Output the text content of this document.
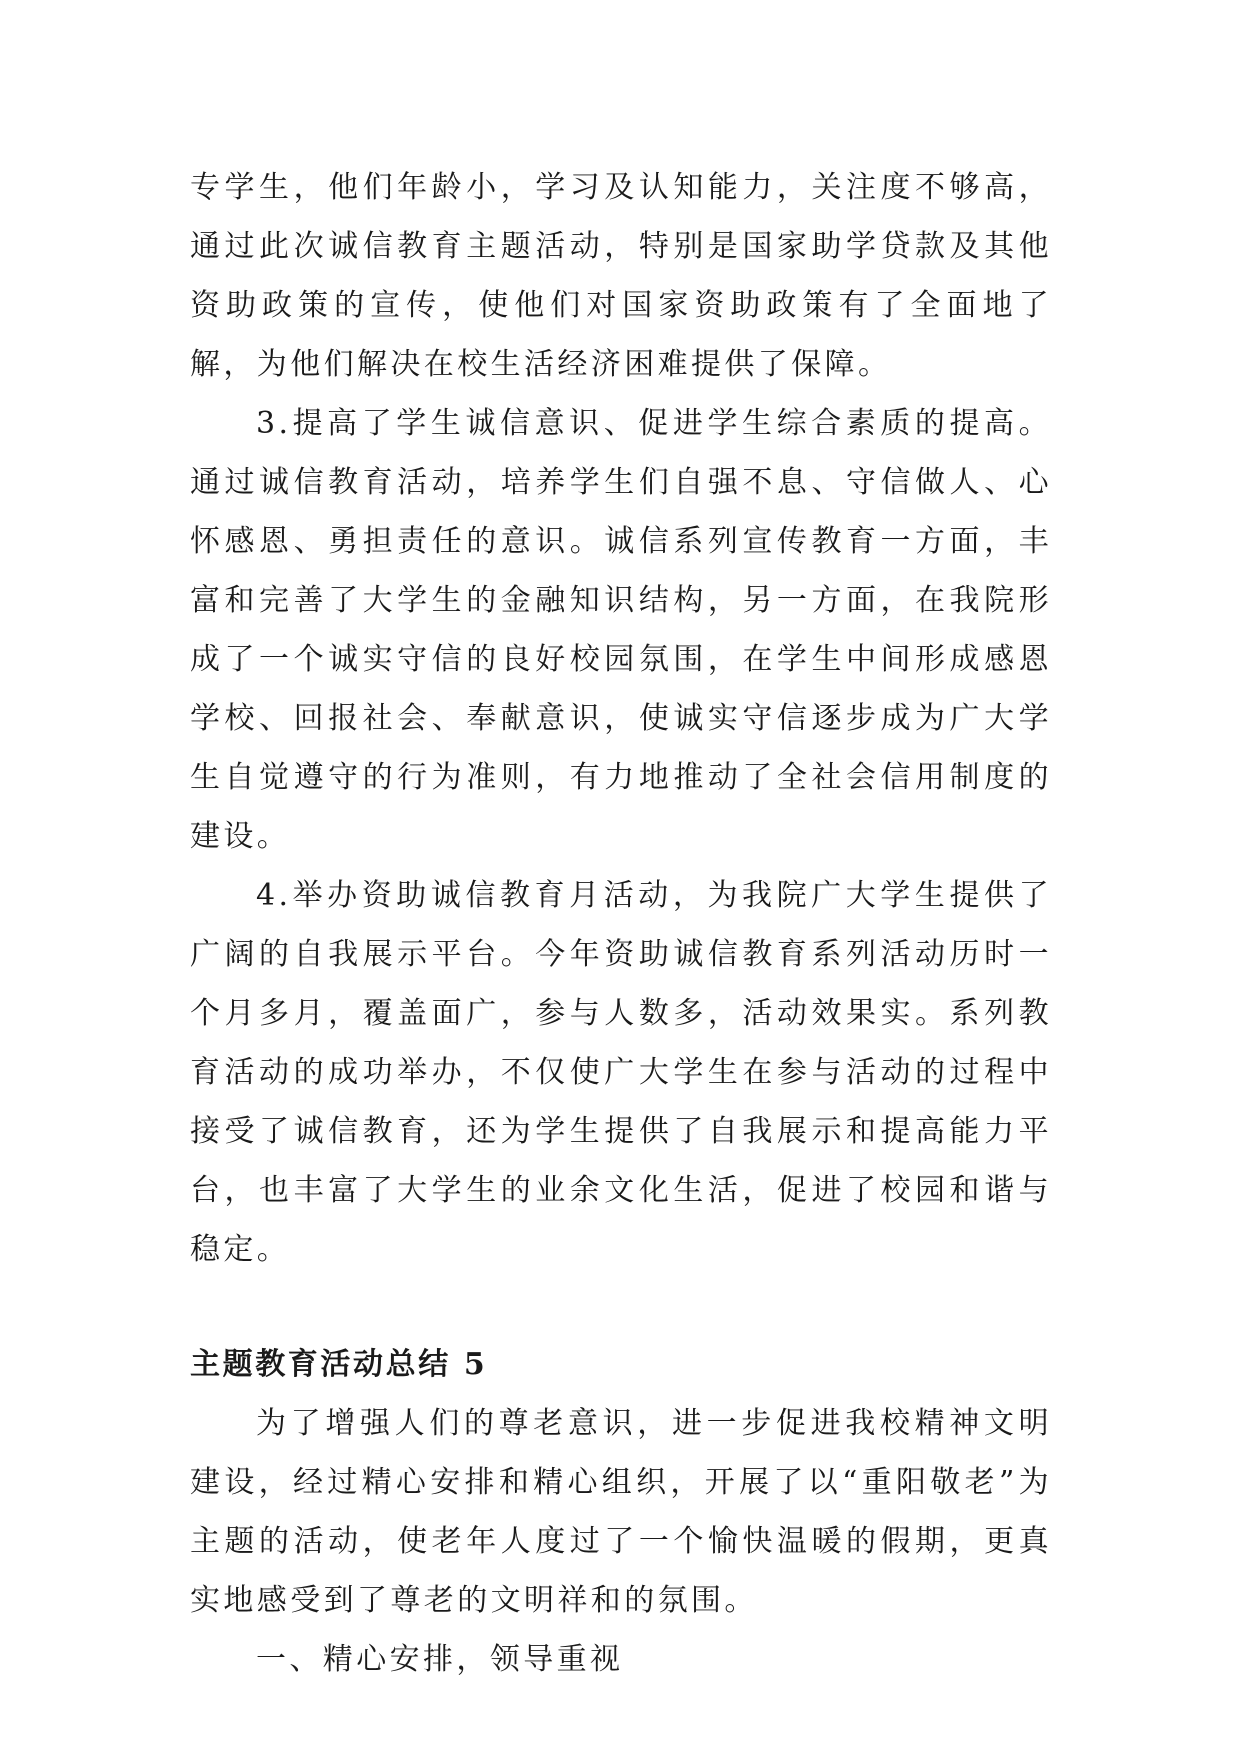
专学生，他们年龄小，学习及认知能力，关注度不够高，通过此次诚信教育主题活动，特别是国家助学贷款及其他资助政策的宣传，使他们对国家资助政策有了全面地了解，为他们解决在校生活经济困难提供了保障。

3.提高了学生诚信意识、促进学生综合素质的提高。通过诚信教育活动，培养学生们自强不息、守信做人、心怀感恩、勇担责任的意识。诚信系列宣传教育一方面，丰富和完善了大学生的金融知识结构，另一方面，在我院形成了一个诚实守信的良好校园氛围，在学生中间形成感恩学校、回报社会、奉献意识，使诚实守信逐步成为广大学生自觉遵守的行为准则，有力地推动了全社会信用制度的建设。

4.举办资助诚信教育月活动，为我院广大学生提供了广阔的自我展示平台。今年资助诚信教育系列活动历时一个月多月，覆盖面广，参与人数多，活动效果实。系列教育活动的成功举办，不仅使广大学生在参与活动的过程中接受了诚信教育，还为学生提供了自我展示和提高能力平台，也丰富了大学生的业余文化生活，促进了校园和谐与稳定。

主题教育活动总结 5

为了增强人们的尊老意识，进一步促进我校精神文明建设，经过精心安排和精心组织，开展了以“重阳敬老”为主题的活动，使老年人度过了一个愉快温暖的假期，更真实地感受到了尊老的文明祥和的氛围。

一、精心安排，领导重视
